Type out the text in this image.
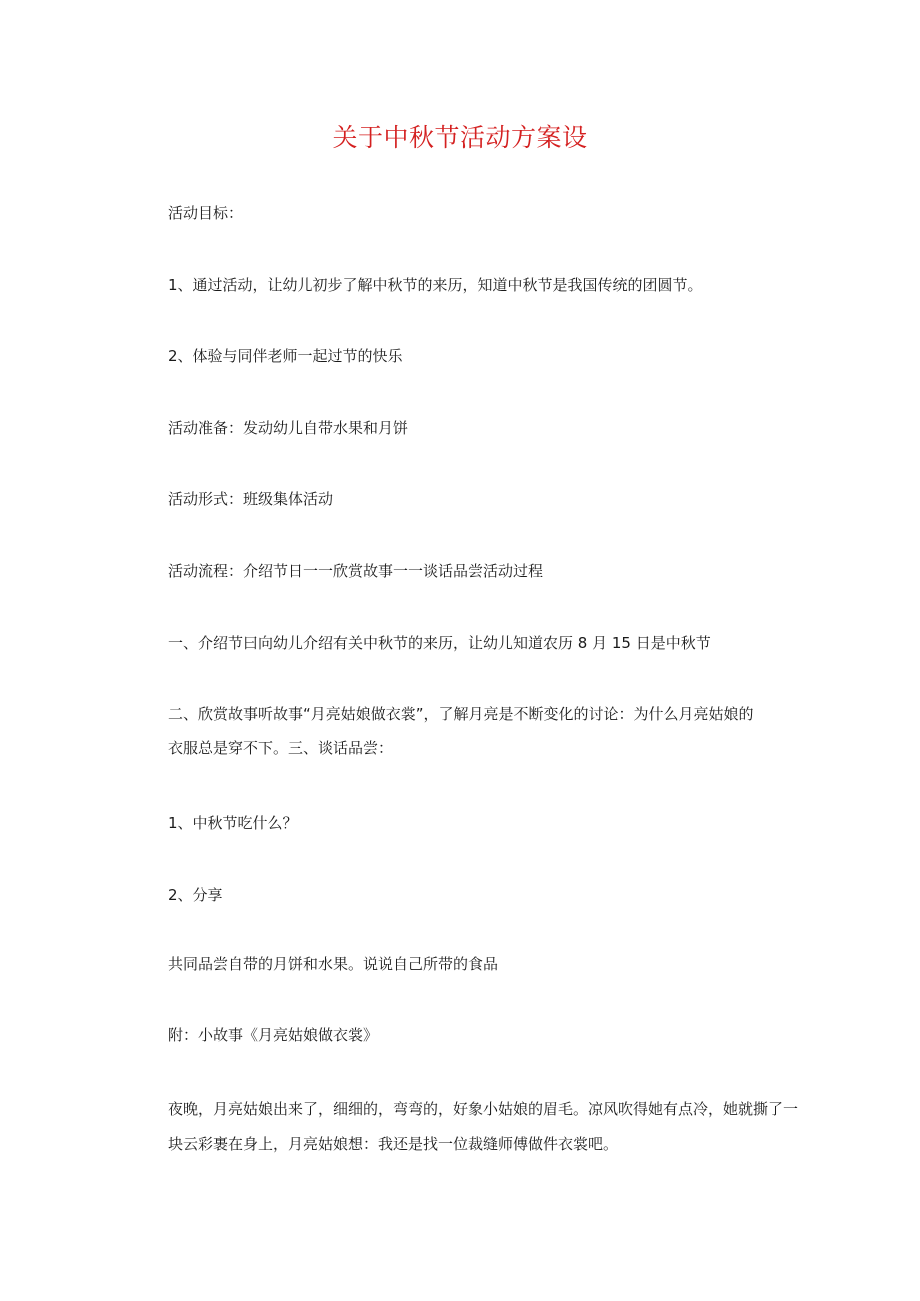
关于中秋节活动方案设
活动目标：
1、通过活动，让幼儿初步了解中秋节的来历，知道中秋节是我国传统的团圆节。
2、体验与同伴老师一起过节的快乐
活动准备：发动幼儿自带水果和月饼
活动形式：班级集体活动
活动流程：介绍节日一一欣赏故事一一谈话品尝活动过程
一、介绍节曰向幼儿介绍有关中秋节的来历，让幼儿知道农历 8 月 15 日是中秋节
二、欣赏故事听故事“月亮姑娘做衣裳”，了解月亮是不断变化的讨论：为什么月亮姑娘的
衣服总是穿不下。三、谈话品尝：
1、中秋节吃什么？
2、分享
共同品尝自带的月饼和水果。说说自己所带的食品
附：小故事《月亮姑娘做衣裳》
夜晚，月亮姑娘出来了，细细的，弯弯的，好象小姑娘的眉毛。凉风吹得她有点冷，她就撕了一
块云彩裹在身上，月亮姑娘想：我还是找一位裁缝师傅做件衣裳吧。
